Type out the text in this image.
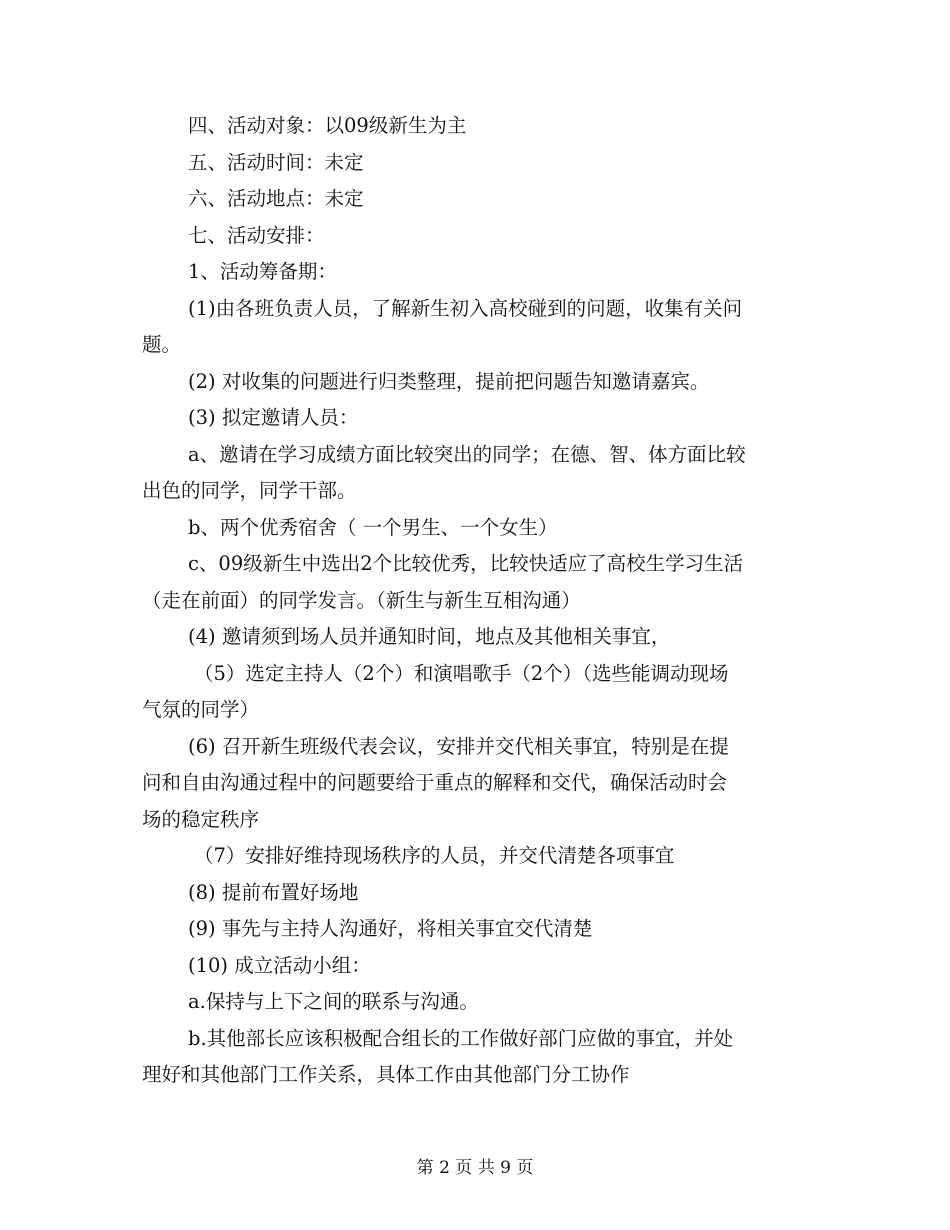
四、活动对象：以09级新生为主
五、活动时间：未定
六、活动地点：未定
七、活动安排：
1、活动筹备期：
(1)由各班负责人员，了解新生初入高校碰到的问题，收集有关问
题。
(2) 对收集的问题进行归类整理，提前把问题告知邀请嘉宾。
(3) 拟定邀请人员：
a、邀请在学习成绩方面比较突出的同学；在德、智、体方面比较
出色的同学，同学干部。
b、两个优秀宿舍（ 一个男生、一个女生）
c、09级新生中选出2个比较优秀，比较快适应了高校生学习生活
（走在前面）的同学发言。（新生与新生互相沟通）
(4) 邀请须到场人员并通知时间，地点及其他相关事宜，
（5）选定主持人（2个）和演唱歌手（2个）（选些能调动现场
气氛的同学）
(6) 召开新生班级代表会议，安排并交代相关事宜，特别是在提
问和自由沟通过程中的问题要给于重点的解释和交代，确保活动时会
场的稳定秩序
（7）安排好维持现场秩序的人员，并交代清楚各项事宜
(8) 提前布置好场地
(9) 事先与主持人沟通好，将相关事宜交代清楚
(10) 成立活动小组：
a.保持与上下之间的联系与沟通。
b.其他部长应该积极配合组长的工作做好部门应做的事宜，并处
理好和其他部门工作关系，具体工作由其他部门分工协作
第 2 页 共 9 页
